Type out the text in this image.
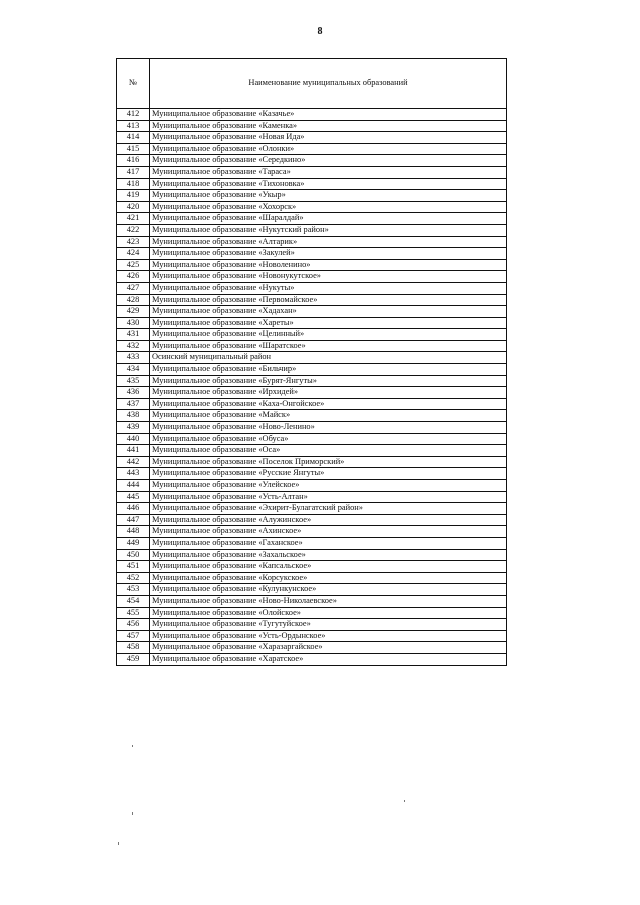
8
№	Наименование муниципальных образований
412	Муниципальное образование «Казачье»
413	Муниципальное образование «Каменка»
414	Муниципальное образование «Новая Ида»
415	Муниципальное образование «Олонки»
416	Муниципальное образование «Середкино»
417	Муниципальное образование «Тараса»
418	Муниципальное образование «Тихоновка»
419	Муниципальное образование «Укыр»
420	Муниципальное образование «Хохорск»
421	Муниципальное образование «Шаралдай»
422	Муниципальное образование «Нукутский район»
423	Муниципальное образование «Алтарик»
424	Муниципальное образование «Закулей»
425	Муниципальное образование «Новоленино»
426	Муниципальное образование «Новонукутское»
427	Муниципальное образование «Нукуты»
428	Муниципальное образование «Первомайское»
429	Муниципальное образование «Хадахан»
430	Муниципальное образование «Хареты»
431	Муниципальное образование «Целинный»
432	Муниципальное образование «Шаратское»
433	Осинский муниципальный район
434	Муниципальное образование «Бильчир»
435	Муниципальное образование «Бурят-Янгуты»
436	Муниципальное образование «Ирхидей»
437	Муниципальное образование «Каха-Онгойское»
438	Муниципальное образование «Майск»
439	Муниципальное образование «Ново-Ленино»
440	Муниципальное образование «Обуса»
441	Муниципальное образование «Оса»
442	Муниципальное образование «Поселок Приморский»
443	Муниципальное образование «Русские Янгуты»
444	Муниципальное образование «Улейское»
445	Муниципальное образование «Усть-Алтан»
446	Муниципальное образование «Эхирит-Булагатский район»
447	Муниципальное образование «Алужинское»
448	Муниципальное образование «Ахинское»
449	Муниципальное образование «Гаханское»
450	Муниципальное образование «Захальское»
451	Муниципальное образование «Капсальское»
452	Муниципальное образование «Корсукское»
453	Муниципальное образование «Кулункунское»
454	Муниципальное образование «Ново-Николаевское»
455	Муниципальное образование «Олойское»
456	Муниципальное образование «Тугутуйское»
457	Муниципальное образование «Усть-Ордынское»
458	Муниципальное образование «Харазаргайское»
459	Муниципальное образование «Харатское»
